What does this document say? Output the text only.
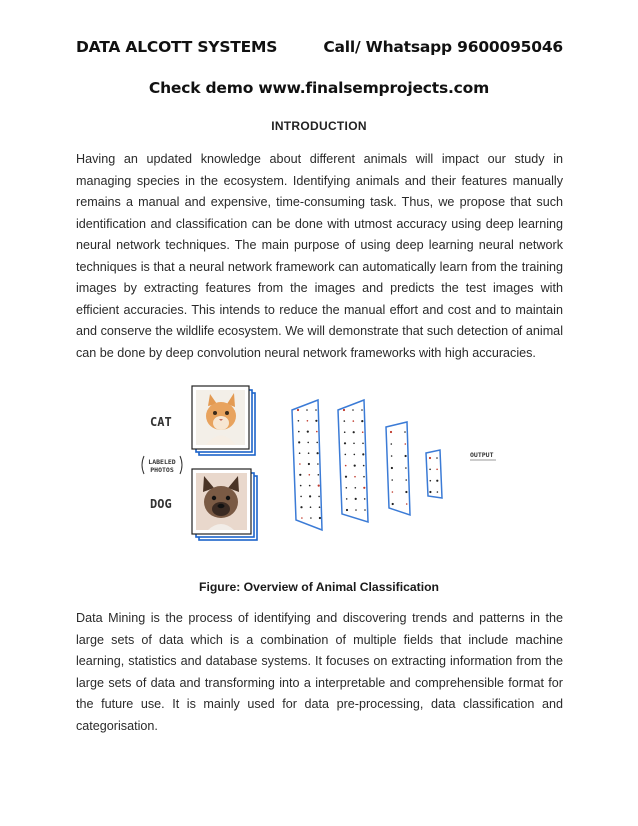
DATA ALCOTT SYSTEMS	Call/ Whatsapp 9600095046
Check demo www.finalsemprojects.com
INTRODUCTION

Having an updated knowledge about different animals will impact our study in managing species in the ecosystem. Identifying animals and their features manually remains a manual and expensive, time-consuming task. Thus, we propose that such identification and classification can be done with utmost accuracy using deep learning neural network techniques. The main purpose of using deep learning neural network techniques is that a neural network framework can automatically learn from the training images by extracting features from the images and predicts the test images with efficient accuracies. This intends to reduce the manual effort and cost and to maintain and conserve the wildlife ecosystem. We will demonstrate that such detection of animal can be done by deep convolution neural network frameworks with high accuracies.

CAT
DOG
LABELED
PHOTOS
OUTPUT
Figure: Overview of Animal Classification

Data Mining is the process of identifying and discovering trends and patterns in the large sets of data which is a combination of multiple fields that include machine learning, statistics and database systems. It focuses on extracting information from the large sets of data and transforming into a interpretable and comprehensible format for the future use. It is mainly used for data pre-processing, data classification and categorisation.
